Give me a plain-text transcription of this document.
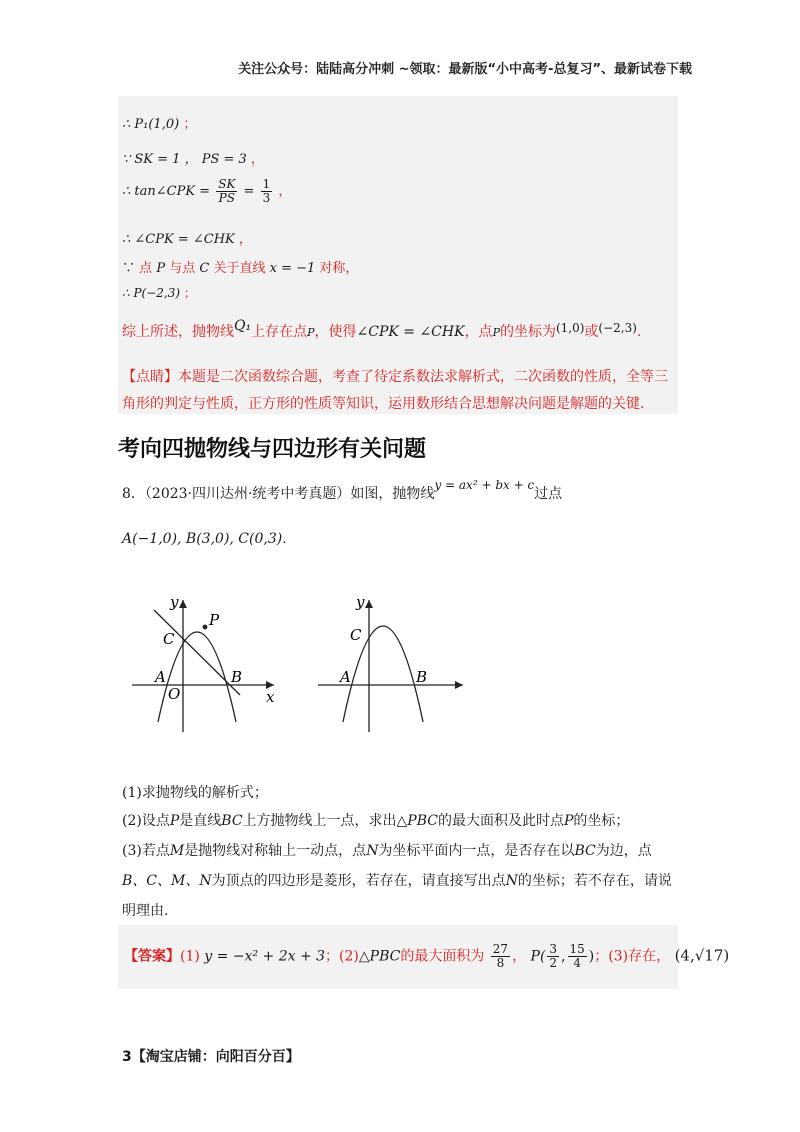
关注公众号：陆陆高分冲刺 ~领取：最新版“小中高考-总复习”、最新试卷下载
∴ P₁(1,0) ；
∵ SK = 1 ， PS = 3 ，
∴ tan∠CPK = $\frac{SK}{PS} = \frac{1}{3}$ ，
∴ ∠CPK = ∠CHK ，
∵ 点 P 与点 C 关于直线 x = −1 对称，
∴ P(−2,3) ；
综上所述，抛物线Q₁上存在点P，使得∠CPK = ∠CHK，点P的坐标为(1,0)或(−2,3).
【点睛】本题是二次函数综合题，考查了待定系数法求解析式，二次函数的性质，全等三角形的判定与性质，正方形的性质等知识，运用数形结合思想解决问题是解题的关键.
考向四抛物线与四边形有关问题
8．（2023·四川达州·统考中考真题）如图，抛物线y = ax² + bx + c过点
A(−1,0), B(3,0), C(0,3).
y
x
C
P
A	B
O
y
C
A	B
(1)求抛物线的解析式；
(2)设点P是直线BC上方抛物线上一点，求出△PBC的最大面积及此时点P的坐标；
(3)若点M是抛物线对称轴上一动点，点N为坐标平面内一点，是否存在以BC为边，点
B、C、M、N为顶点的四边形是菱形，若存在，请直接写出点N的坐标；若不存在，请说
明理由.
【答案】(1) y = −x² + 2x + 3；(2)△PBC的最大面积为 $\frac{27}{8}$ ， $P( \frac{3}{2}$ , $\frac{15}{4}$ )；(3)存在， (4,√17)
3【淘宝店铺：向阳百分百】
